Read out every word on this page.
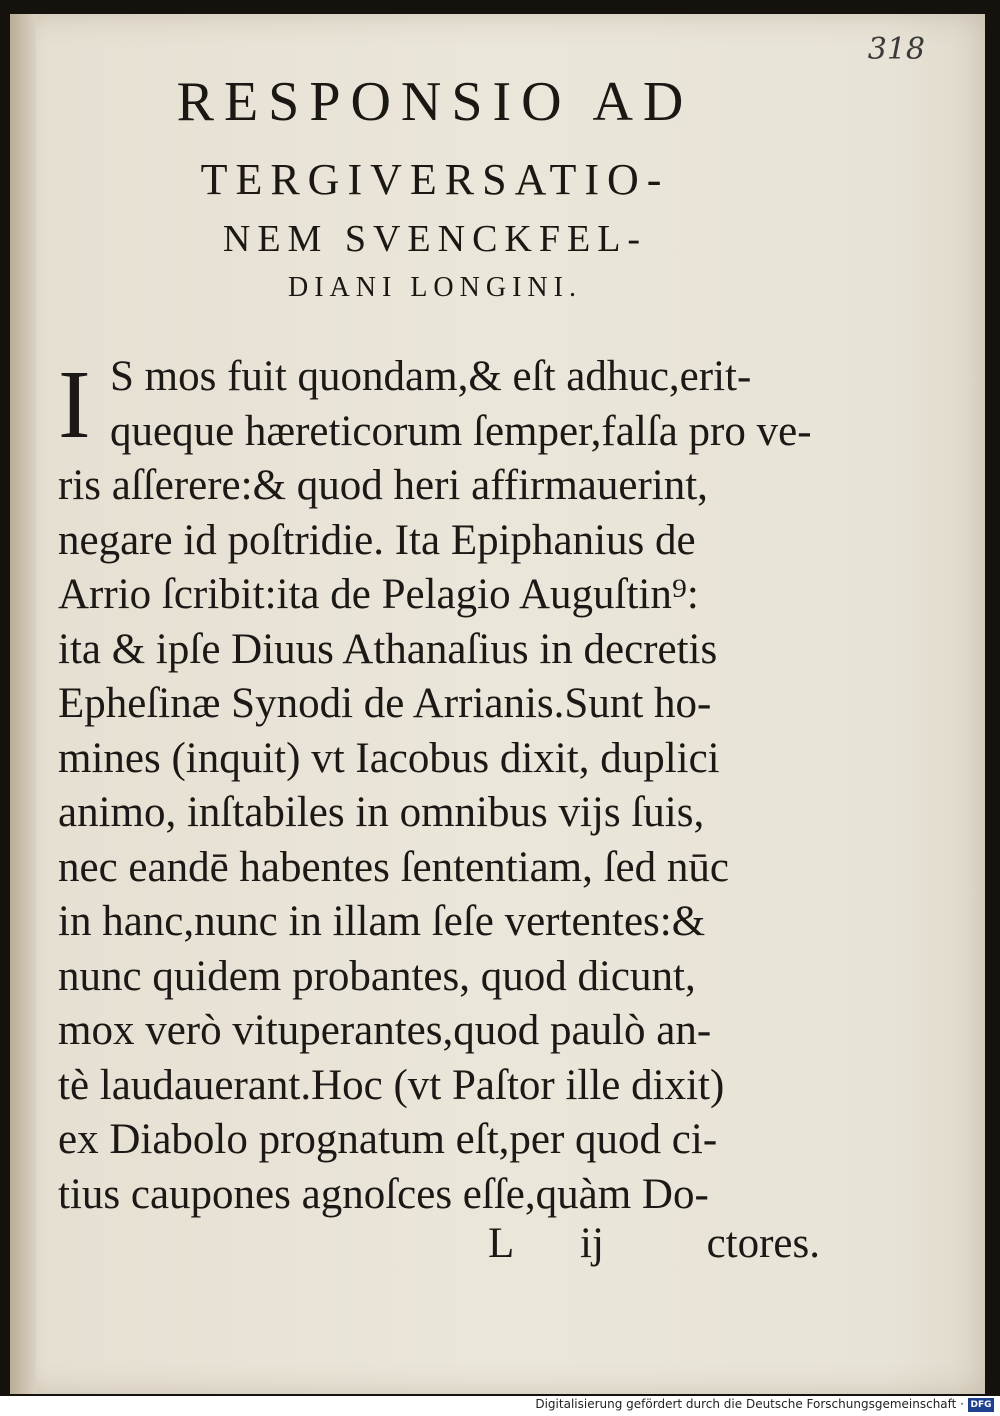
318
RESPONSIO AD
TERGIVERSATIO-
NEM SVENCKFEL-
DIANI LONGINI.
I S mos fuit quondam,& eſt adhuc,erit-
queque hæreticorum ſemper,falſa pro ve-
ris aſſerere:& quod heri affirmauerint,
negare id poſtridie. Ita Epiphanius de
Arrio ſcribit:ita de Pelagio Auguſtin⁹:
ita & ipſe Diuus Athanaſius in decretis
Epheſinæ Synodi de Arrianis.Sunt ho-
mines (inquit) vt Iacobus dixit, duplici
animo, inſtabiles in omnibus vijs ſuis,
nec eandē habentes ſententiam, ſed nūc
in hanc,nunc in illam ſeſe vertentes:&
nunc quidem probantes, quod dicunt,
mox verò vituperantes,quod paulò an-
tè laudauerant.Hoc (vt Paſtor ille dixit)
ex Diabolo prognatum eſt,per quod ci-
tius caupones agnoſces eſſe,quàm Do-
L ij ctores.
Digitalisierung gefördert durch die Deutsche Forschungsgemeinschaft · DFG
